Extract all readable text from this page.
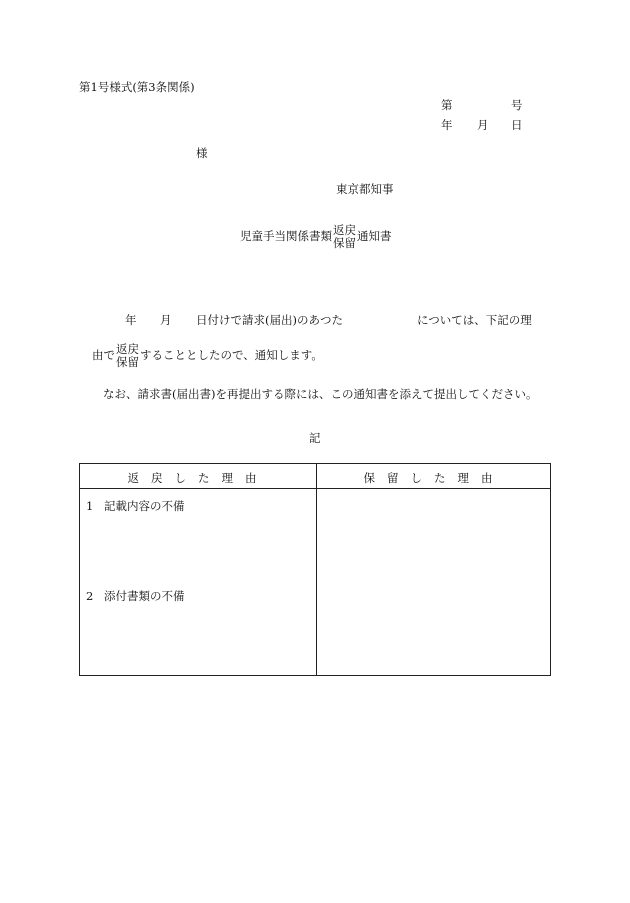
第1号様式(第3条関係)
第	号
年 月 日
様
東京都知事
児童手当関係書類 返戻
保留 通知書
年 月 日付けで請求(届出)のあつた	については、下記の理
由で 返戻
保留 することとしたので、通知します。
なお、請求書(届出書)を再提出する際には、この通知書を添えて提出してください。
記
返戻した理由	保留した理由
1 記載内容の不備
2 添付書類の不備
